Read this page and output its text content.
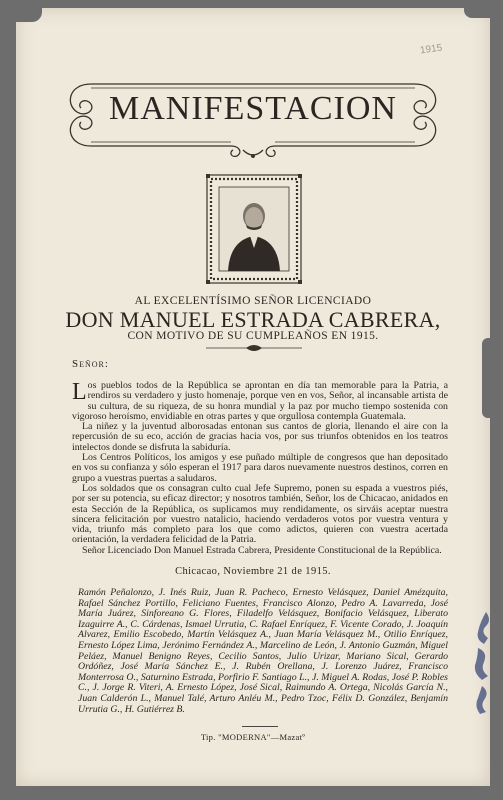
1915
MANIFESTACION
AL EXCELENTÍSIMO SEÑOR LICENCIADO
DON MANUEL ESTRADA CABRERA,
CON MOTIVO DE SU CUMPLEAÑOS EN 1915.
Señor:

Los pueblos todos de la República se aprontan en día tan memorable para la Patria, a rendiros su verdadero y justo homenaje, porque ven en vos, Señor, al incansable artista de su cultura, de su riqueza, de su honra mundial y la paz por mucho tiempo sostenida con vigoroso heroísmo, envidiable en otras partes y que orgullosa contempla Guatemala.

La niñez y la juventud alborosadas entonan sus cantos de gloria, llenando el aire con la repercusión de su eco, acción de gracias hacia vos, por sus triunfos obtenidos en los teatros intelectos donde se disfruta la sabiduría.

Los Centros Políticos, los amigos y ese puñado múltiple de congresos que han depositado en vos su confianza y sólo esperan el 1917 para daros nuevamente nuestros destinos, corren en grupo a vuestras puertas a saludaros.

Los soldados que os consagran culto cual Jefe Supremo, ponen su espada a vuestros piés, por ser su potencia, su eficaz director; y nosotros también, Señor, los de Chicacao, anidados en esta Sección de la República, os suplicamos muy rendidamente, os sirváis aceptar nuestra sincera felicitación por vuestro natalicio, haciendo verdaderos votos por vuestra ventura y vida, triunfo más completo para los que como adictos, quieren con vuestra acertada orientación, la verdadera felicidad de la Patria.

Señor Licenciado Don Manuel Estrada Cabrera, Presidente Constitucional de la República.

Chicacao, Noviembre 21 de 1915.
Ramón Peñalonzo, J. Inés Ruiz, Juan R. Pacheco, Ernesto Velásquez, Daniel Amézquita, Rafael Sánchez Portillo, Feliciano Fuentes, Francisco Alonzo, Pedro A. Lavarreda, José María Juárez, Sinforeano G. Flores, Filadelfo Velásquez, Bonifacio Velásquez, Liberato Izaguirre A., C. Cárdenas, Ismael Urrutia, C. Rafael Enríquez, F. Vicente Corado, J. Joaquín Alvarez, Emilio Escobedo, Martín Velásquez A., Juan María Velásquez M., Otilio Enríquez, Ernesto López Lima, Jerónimo Fernández A., Marcelino de León, J. Antonio Guzmán, Miguel Peláez, Manuel Benigno Reyes, Cecilio Santos, Julio Urizar, Mariano Sical, Gerardo Ordóñez, José María Sánchez E., J. Rubén Orellana, J. Lorenzo Juárez, Francisco Monterrosa O., Saturnino Estrada, Porfirio F. Santiago L., J. Miguel A. Rodas, José P. Robles C., J. Jorge R. Viteri, A. Ernesto López, José Sical, Raimundo A. Ortega, Nicolás García N., Juan Calderón L., Manuel Talé, Arturo Anléu M., Pedro Tzoc, Félix D. González, Benjamín Urrutia G., H. Gutiérrez B.
Tip. "MODERNA"—Mazatº
